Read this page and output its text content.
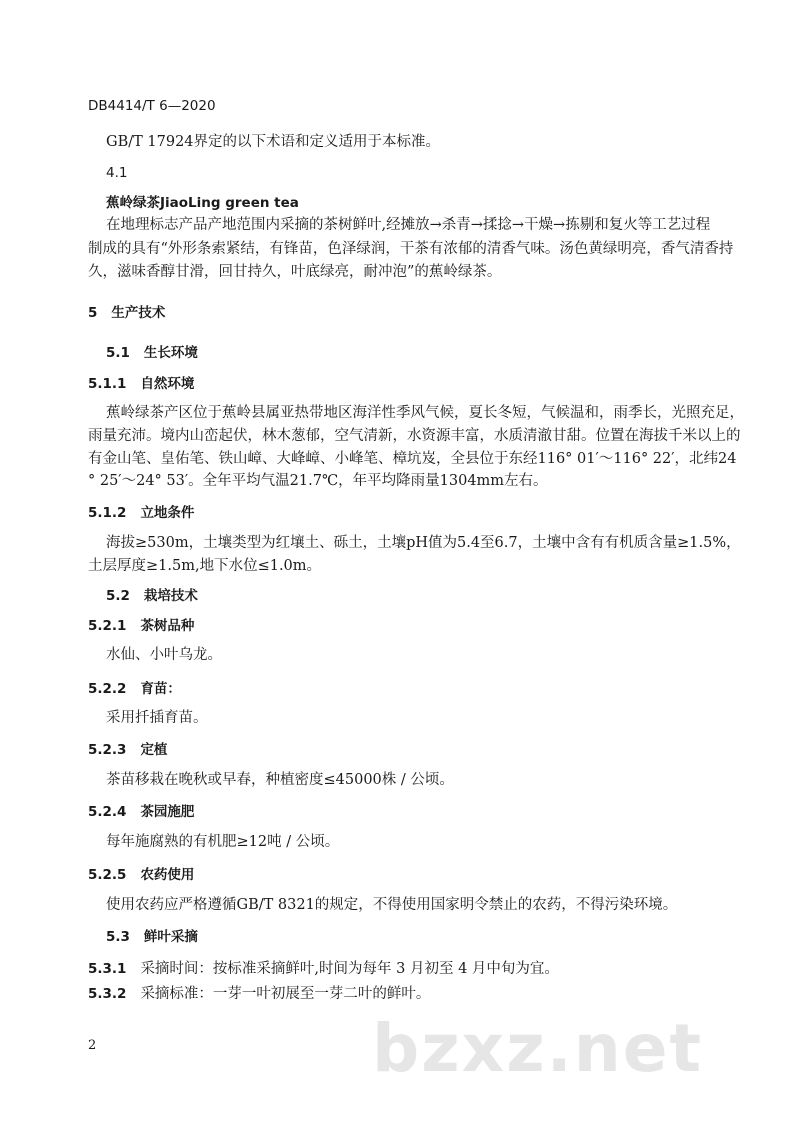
DB4414/T 6—2020
GB/T 17924界定的以下术语和定义适用于本标准。
4.1
蕉岭绿茶JiaoLing green tea
在地理标志产品产地范围内采摘的茶树鲜叶,经摊放→杀青→揉捻→干燥→拣剔和复火等工艺过程
制成的具有“外形条索紧结，有锋苗，色泽绿润，干茶有浓郁的清香气味。汤色黄绿明亮，香气清香持
久，滋味香醇甘滑，回甘持久，叶底绿亮，耐冲泡”的蕉岭绿茶。
5 生产技术
5.1 生长环境
5.1.1 自然环境
蕉岭绿茶产区位于蕉岭县属亚热带地区海洋性季风气候，夏长冬短，气候温和，雨季长，光照充足，
雨量充沛。境内山峦起伏，林木葱郁，空气清新，水资源丰富，水质清澈甘甜。位置在海拔千米以上的
有金山笔、皇佑笔、铁山嶂、大峰嶂、小峰笔、樟坑岌，全县位于东经116° 01′～116° 22′，北纬24
° 25′～24° 53′。全年平均气温21.7℃，年平均降雨量1304mm左右。
5.1.2 立地条件
海拔≥530m，土壤类型为红壤土、砾土，土壤pH值为5.4至6.7，土壤中含有有机质含量≥1.5%，
土层厚度≥1.5m,地下水位≤1.0m。
5.2 栽培技术
5.2.1 茶树品种
水仙、小叶乌龙。
5.2.2 育苗：
采用扦插育苗。
5.2.3 定植
茶苗移栽在晚秋或早春，种植密度≤45000株 / 公顷。
5.2.4 茶园施肥
每年施腐熟的有机肥≥12吨 / 公顷。
5.2.5 农药使用
使用农药应严格遵循GB/T 8321的规定，不得使用国家明令禁止的农药，不得污染环境。
5.3 鲜叶采摘
5.3.1 采摘时间：按标准采摘鲜叶,时间为每年 3 月初至 4 月中旬为宜。
5.3.2 采摘标准：一芽一叶初展至一芽二叶的鲜叶。
bzxz.net
2
